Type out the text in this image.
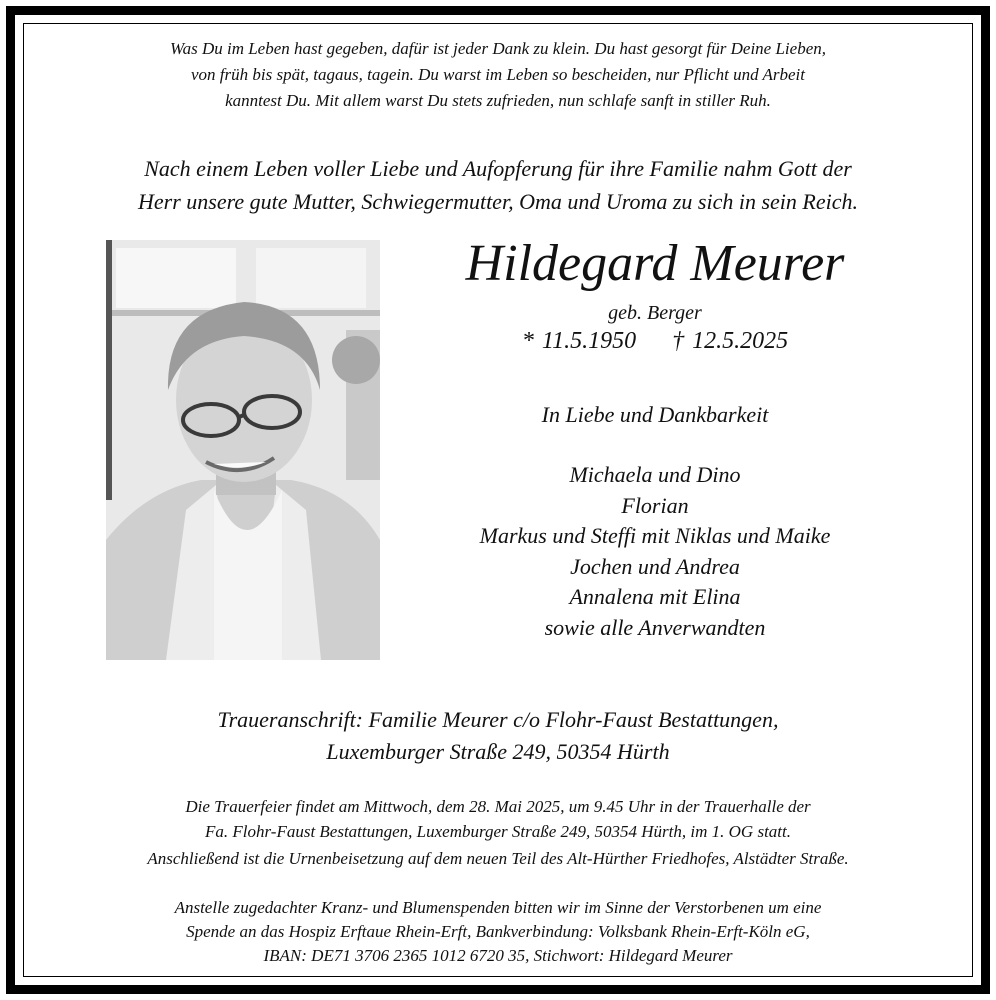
Was Du im Leben hast gegeben, dafür ist jeder Dank zu klein. Du hast gesorgt für Deine Lieben,
von früh bis spät, tagaus, tagein. Du warst im Leben so bescheiden, nur Pflicht und Arbeit
kanntest Du. Mit allem warst Du stets zufrieden, nun schlafe sanft in stiller Ruh.
Nach einem Leben voller Liebe und Aufopferung für ihre Familie nahm Gott der
Herr unsere gute Mutter, Schwiegermutter, Oma und Uroma zu sich in sein Reich.
Hildegard Meurer
geb. Berger
* 11.5.1950 † 12.5.2025
In Liebe und Dankbarkeit
Michaela und Dino
Florian
Markus und Steffi mit Niklas und Maike
Jochen und Andrea
Annalena mit Elina
sowie alle Anverwandten
Traueranschrift: Familie Meurer c/o Flohr-Faust Bestattungen,
Luxemburger Straße 249, 50354 Hürth
Die Trauerfeier findet am Mittwoch, dem 28. Mai 2025, um 9.45 Uhr in der Trauerhalle der
Fa. Flohr-Faust Bestattungen, Luxemburger Straße 249, 50354 Hürth, im 1. OG statt.
Anschließend ist die Urnenbeisetzung auf dem neuen Teil des Alt-Hürther Friedhofes, Alstädter Straße.
Anstelle zugedachter Kranz- und Blumenspenden bitten wir im Sinne der Verstorbenen um eine
Spende an das Hospiz Erftaue Rhein-Erft, Bankverbindung: Volksbank Rhein-Erft-Köln eG,
IBAN: DE71 3706 2365 1012 6720 35, Stichwort: Hildegard Meurer
